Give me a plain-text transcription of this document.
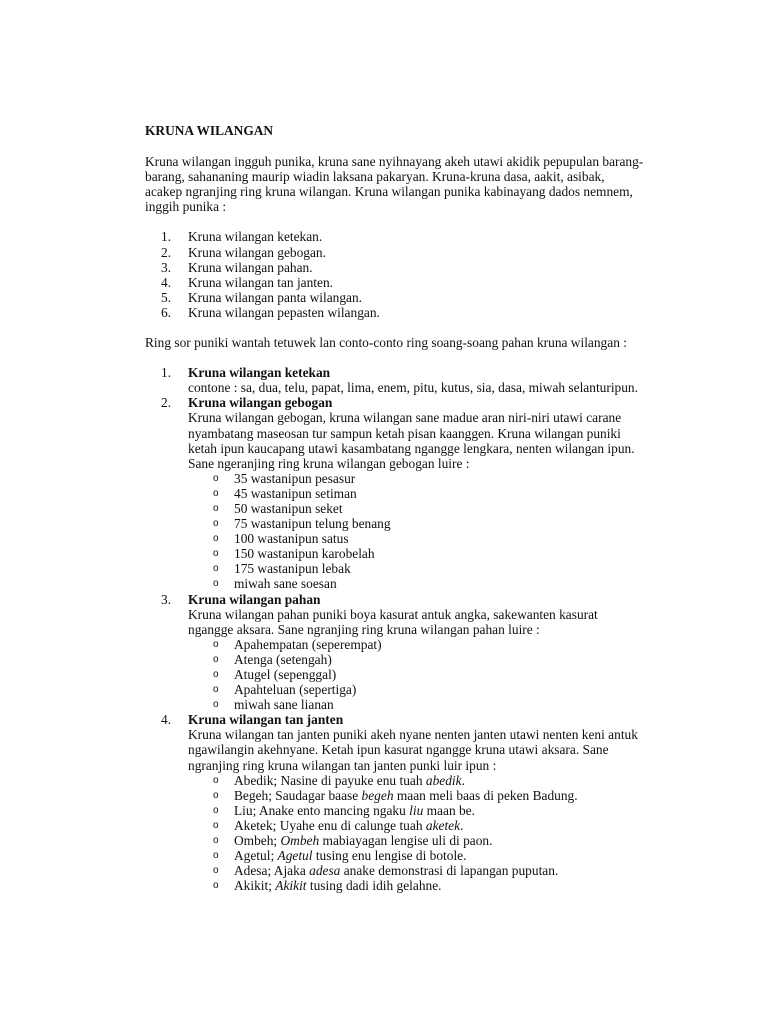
KRUNA WILANGAN

Kruna wilangan ingguh punika, kruna sane nyihnayang akeh utawi akidik pepupulan barang-barang, sahananing maurip wiadin laksana pakaryan. Kruna-kruna dasa, aakit, asibak, acakep ngranjing ring kruna wilangan. Kruna wilangan punika kabinayang dados nemnem, inggih punika :

1. Kruna wilangan ketekan.
2. Kruna wilangan gebogan.
3. Kruna wilangan pahan.
4. Kruna wilangan tan janten.
5. Kruna wilangan panta wilangan.
6. Kruna wilangan pepasten wilangan.

Ring sor puniki wantah tetuwek lan conto-conto ring soang-soang pahan kruna wilangan :

1. Kruna wilangan ketekan
contone : sa, dua, telu, papat, lima, enem, pitu, kutus, sia, dasa, miwah selanturipun.
2. Kruna wilangan gebogan
Kruna wilangan gebogan, kruna wilangan sane madue aran niri-niri utawi carane nyambatang maseosan tur sampun ketah pisan kaanggen. Kruna wilangan puniki ketah ipun kaucapang utawi kasambatang ngangge lengkara, nenten wilangan ipun. Sane ngeranjing ring kruna wilangan gebogan luire :
o 35 wastanipun pesasur
o 45 wastanipun setiman
o 50 wastanipun seket
o 75 wastanipun telung benang
o 100 wastanipun satus
o 150 wastanipun karobelah
o 175 wastanipun lebak
o miwah sane soesan
3. Kruna wilangan pahan
Kruna wilangan pahan puniki boya kasurat antuk angka, sakewanten kasurat ngangge aksara. Sane ngranjing ring kruna wilangan pahan luire :
o Apahempatan (seperempat)
o Atenga (setengah)
o Atugel (sepenggal)
o Apahteluan (sepertiga)
o miwah sane lianan
4. Kruna wilangan tan janten
Kruna wilangan tan janten puniki akeh nyane nenten janten utawi nenten keni antuk ngawilangin akehnyane. Ketah ipun kasurat ngangge kruna utawi aksara. Sane ngranjing ring kruna wilangan tan janten punki luir ipun :
o Abedik; Nasine di payuke enu tuah abedik.
o Begeh; Saudagar baase begeh maan meli baas di peken Badung.
o Liu; Anake ento mancing ngaku liu maan be.
o Aketek; Uyahe enu di calunge tuah aketek.
o Ombeh; Ombeh mabiayagan lengise uli di paon.
o Agetul; Agetul tusing enu lengise di botole.
o Adesa; Ajaka adesa anake demonstrasi di lapangan puputan.
o Akikit; Akikit tusing dadi idih gelahne.
